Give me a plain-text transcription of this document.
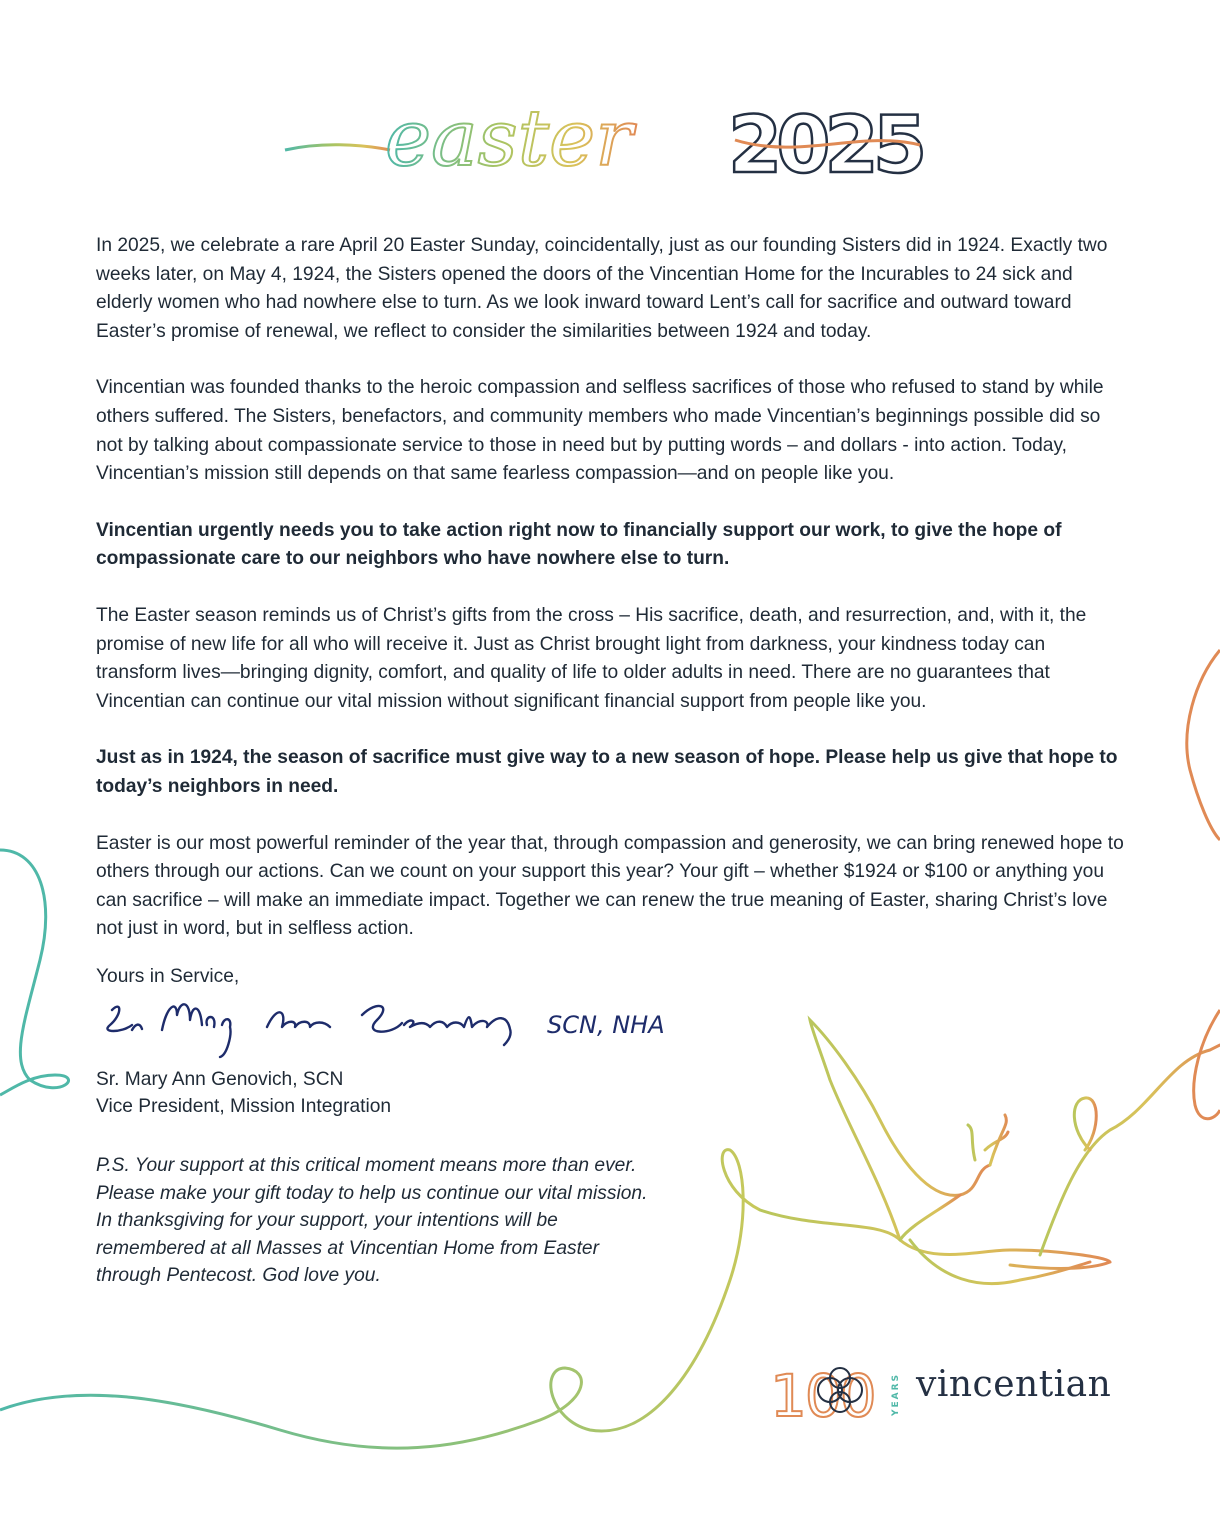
easter 2025

In 2025, we celebrate a rare April 20 Easter Sunday, coincidentally, just as our founding Sisters did in 1924. Exactly two weeks later, on May 4, 1924, the Sisters opened the doors of the Vincentian Home for the Incurables to 24 sick and elderly women who had nowhere else to turn. As we look inward toward Lent’s call for sacrifice and outward toward Easter’s promise of renewal, we reflect to consider the similarities between 1924 and today.

Vincentian was founded thanks to the heroic compassion and selfless sacrifices of those who refused to stand by while others suffered. The Sisters, benefactors, and community members who made Vincentian’s beginnings possible did so not by talking about compassionate service to those in need but by putting words – and dollars - into action. Today, Vincentian’s mission still depends on that same fearless compassion—and on people like you.

Vincentian urgently needs you to take action right now to financially support our work, to give the hope of compassionate care to our neighbors who have nowhere else to turn.

The Easter season reminds us of Christ’s gifts from the cross – His sacrifice, death, and resurrection, and, with it, the promise of new life for all who will receive it. Just as Christ brought light from darkness, your kindness today can transform lives—bringing dignity, comfort, and quality of life to older adults in need. There are no guarantees that Vincentian can continue our vital mission without significant financial support from people like you.

Just as in 1924, the season of sacrifice must give way to a new season of hope. Please help us give that hope to today’s neighbors in need.

Easter is our most powerful reminder of the year that, through compassion and generosity, we can bring renewed hope to others through our actions. Can we count on your support this year? Your gift – whether $1924 or $100 or anything you can sacrifice – will make an immediate impact. Together we can renew the true meaning of Easter, sharing Christ’s love not just in word, but in selfless action.

Yours in Service,
SCN, NHA
Sr. Mary Ann Genovich, SCN
Vice President, Mission Integration
P.S. Your support at this critical moment means more than ever. Please make your gift today to help us continue our vital mission. In thanksgiving for your support, your intentions will be remembered at all Masses at Vincentian Home from Easter through Pentecost. God love you.
100 YEARS vincentian
